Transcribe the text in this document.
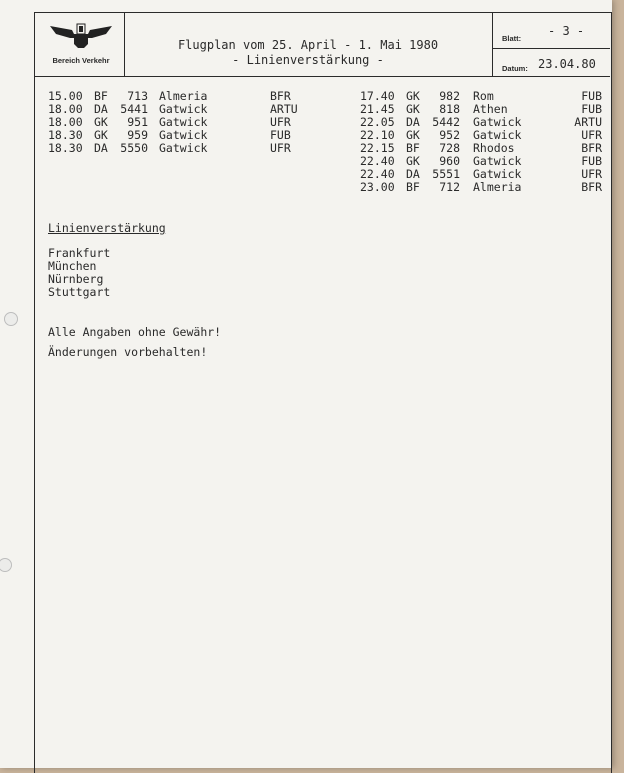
Bereich Verkehr
Flugplan vom 25. April - 1. Mai 1980
- Linienverstärkung -
Blatt:
- 3 -
Datum: 23.04.80
15.00 BF	713 Almeria	BFR
18.00 DA	5441 Gatwick	ARTU
18.00 GK	951 Gatwick	UFR
18.30 GK	959 Gatwick	FUB
18.30 DA	5550 Gatwick	UFR
17.40 GK	982 Rom	FUB
21.45 GK	818 Athen	FUB
22.05 DA	5442 Gatwick	ARTU
22.10 GK	952 Gatwick	UFR
22.15 BF	728 Rhodos	BFR
22.40 GK	960 Gatwick	FUB
22.40 DA	5551 Gatwick	UFR
23.00 BF	712 Almeria	BFR
Linienverstärkung
Frankfurt
München
Nürnberg
Stuttgart
Alle Angaben ohne Gewähr!
Änderungen vorbehalten!
